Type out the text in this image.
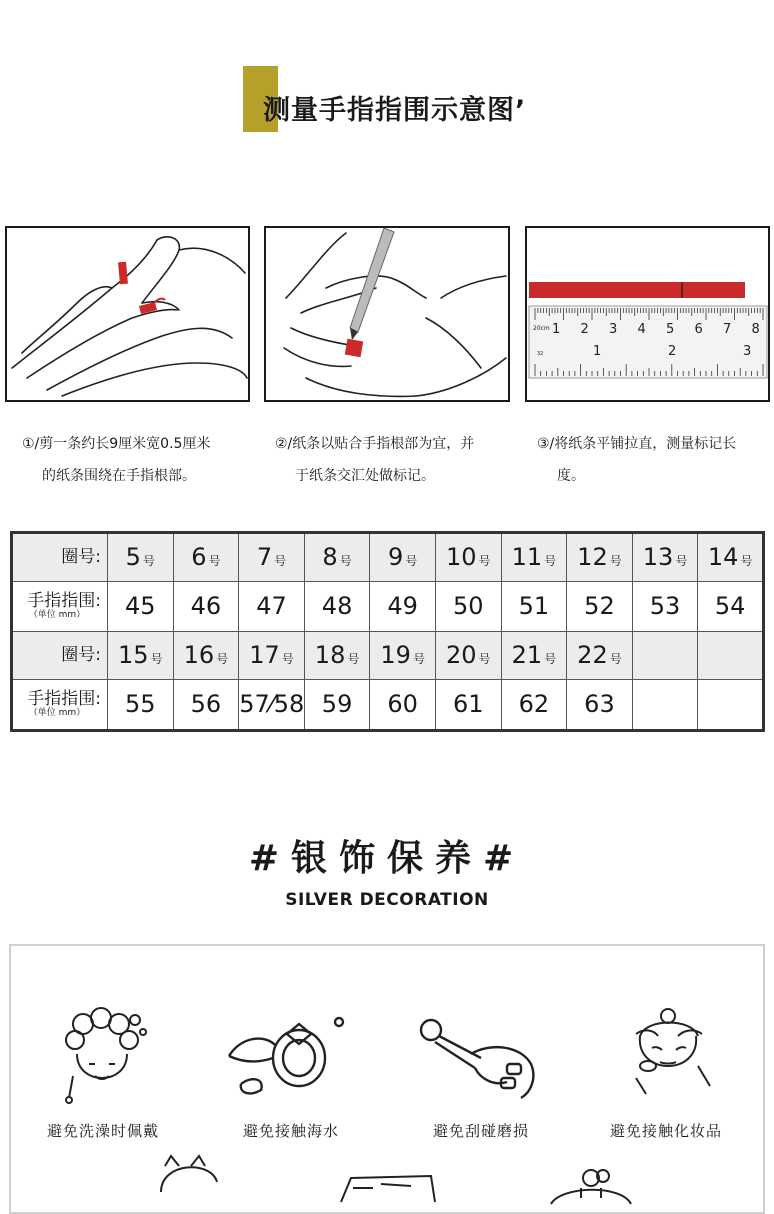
测量手指指围示意图’
1 2 3 4 5 6 7 8
1	2	3
20cm
32
①/剪一条约长9厘米宽0.5厘米
的纸条围绕在手指根部。
②/纸条以贴合手指根部为宜，并
于纸条交汇处做标记。
③/将纸条平铺拉直，测量标记长
度。
圈号:	5 号	6 号	7 号	8 号	9 号	10 号	11 号	12 号	13 号	14 号
手指指围:
（单位 mm）	45	46	47	48	49	50	51	52	53	54
圈号:	15 号	16 号	17 号	18 号	19 号	20 号	21 号	22 号		
手指指围:
（单位 mm）	55	56	57⁄58	59	60	61	62	63		
#银饰保养#
SILVER DECORATION
避免洗澡时佩戴	避免接触海水	避免刮碰磨损	避免接触化妆品
